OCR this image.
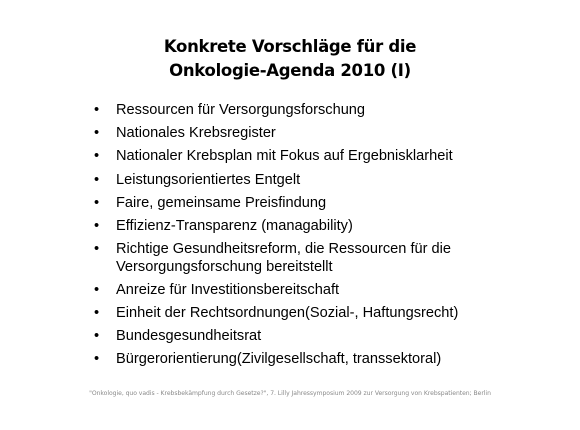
Konkrete Vorschläge für die
Onkologie-Agenda 2010 (I)
• Ressourcen für Versorgungsforschung
• Nationales Krebsregister
• Nationaler Krebsplan mit Fokus auf Ergebnisklarheit
• Leistungsorientiertes Entgelt
• Faire, gemeinsame Preisfindung
• Effizienz-Transparenz (managability)
• Richtige Gesundheitsreform, die Ressourcen für die Versorgungsforschung bereitstellt
• Anreize für Investitionsbereitschaft
• Einheit der Rechtsordnungen(Sozial-, Haftungsrecht)
• Bundesgesundheitsrat
• Bürgerorientierung(Zivilgesellschaft, transsektoral)
"Onkologie, quo vadis - Krebsbekämpfung durch Gesetze?", 7. Lilly Jahressymposium 2009 zur Versorgung von Krebspatienten; Berlin
